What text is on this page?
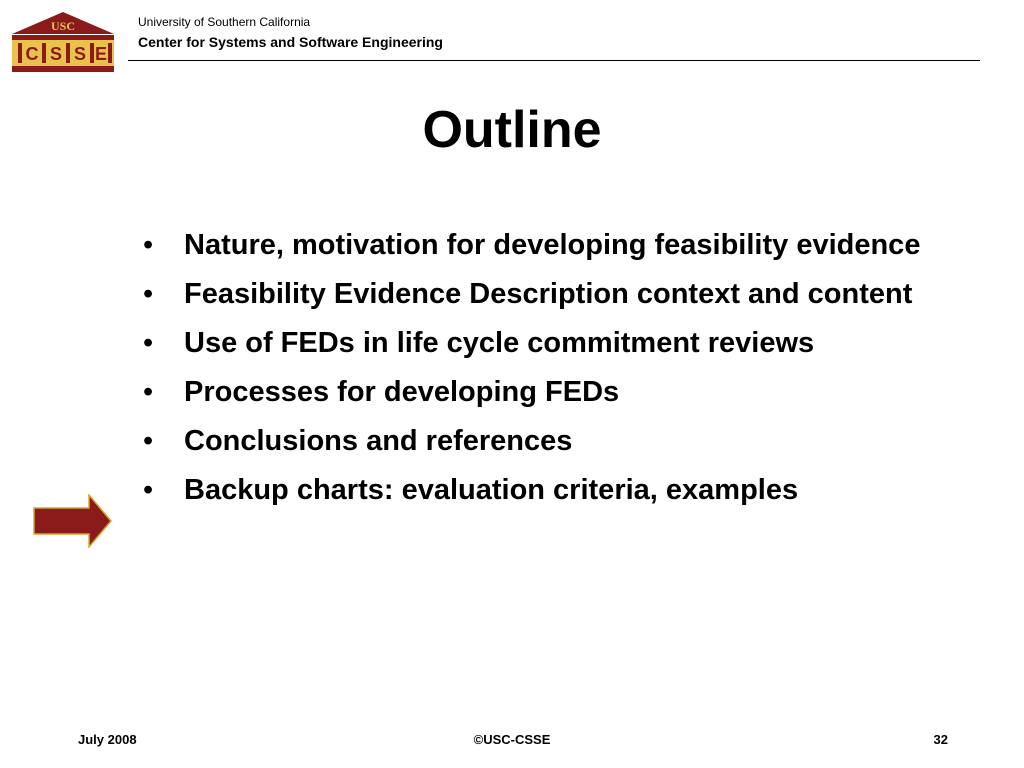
USC
C S S E
University of Southern California
Center for Systems and Software Engineering
Outline
• Nature, motivation for developing feasibility evidence
• Feasibility Evidence Description context and content
• Use of FEDs in life cycle commitment reviews
• Processes for developing FEDs
• Conclusions and references
• Backup charts: evaluation criteria, examples
July 2008	©USC-CSSE	32
